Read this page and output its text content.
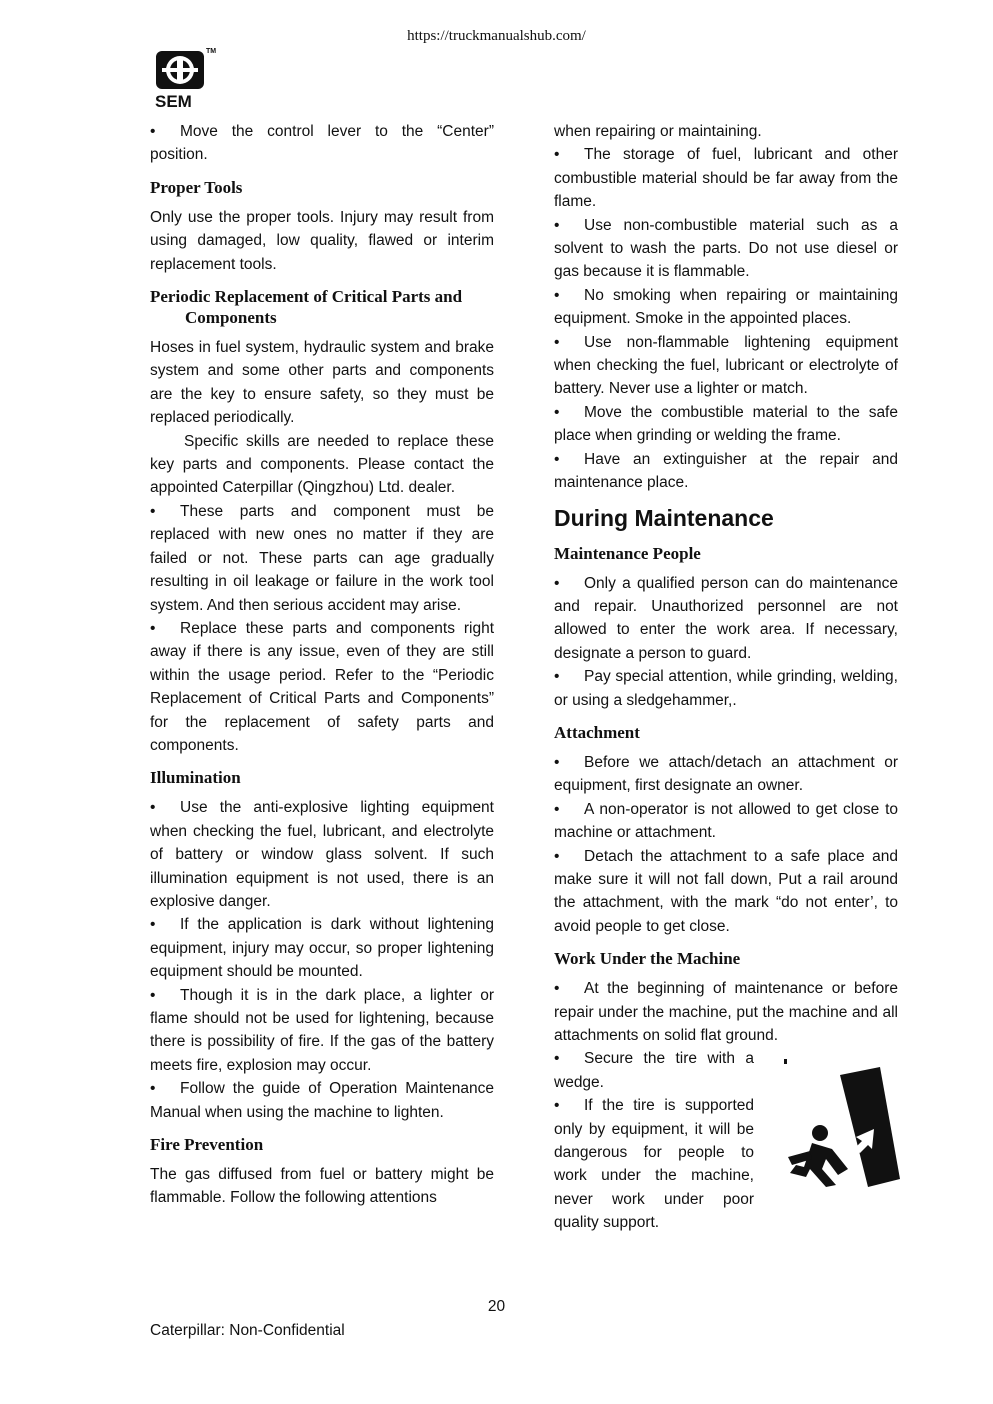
https://truckmanualshub.com/
TM
SEM

• Move the control lever to the “Center” position.

Proper Tools

Only use the proper tools. Injury may result from using damaged, low quality, flawed or interim replacement tools.

Periodic Replacement of Critical Parts and Components

Hoses in fuel system, hydraulic system and brake system and some other parts and components are the key to ensure safety, so they must be replaced periodically.

Specific skills are needed to replace these key parts and components. Please contact the appointed Caterpillar (Qingzhou) Ltd. dealer.

• These parts and component must be replaced with new ones no matter if they are failed or not. These parts can age gradually resulting in oil leakage or failure in the work tool system. And then serious accident may arise.

• Replace these parts and components right away if there is any issue, even of they are still within the usage period. Refer to the “Periodic Replacement of Critical Parts and Components” for the replacement of safety parts and components.

Illumination

• Use the anti-explosive lighting equipment when checking the fuel, lubricant, and electrolyte of battery or window glass solvent. If such illumination equipment is not used, there is an explosive danger.

• If the application is dark without lightening equipment, injury may occur, so proper lightening equipment should be mounted.

• Though it is in the dark place, a lighter or flame should not be used for lightening, because there is possibility of fire. If the gas of the battery meets fire, explosion may occur.

• Follow the guide of Operation Maintenance Manual when using the machine to lighten.

Fire Prevention

The gas diffused from fuel or battery might be flammable. Follow the following attentions

when repairing or maintaining.

• The storage of fuel, lubricant and other combustible material should be far away from the flame.

• Use non-combustible material such as a solvent to wash the parts. Do not use diesel or gas because it is flammable.

• No smoking when repairing or maintaining equipment. Smoke in the appointed places.

• Use non-flammable lightening equipment when checking the fuel, lubricant or electrolyte of battery. Never use a lighter or match.

• Move the combustible material to the safe place when grinding or welding the frame.

• Have an extinguisher at the repair and maintenance place.

During Maintenance
Maintenance People

• Only a qualified person can do maintenance and repair. Unauthorized personnel are not allowed to enter the work area. If necessary, designate a person to guard.

• Pay special attention, while grinding, welding, or using a sledgehammer,.

Attachment

• Before we attach/detach an attachment or equipment, first designate an owner.

• A non-operator is not allowed to get close to machine or attachment.

• Detach the attachment to a safe place and make sure it will not fall down, Put a rail around the attachment, with the mark “do not enter’, to avoid people to get close.

Work Under the Machine

• At the beginning of maintenance or before repair under the machine, put the machine and all attachments on solid flat ground.

• Secure the tire with a wedge.

• If the tire is supported only by equipment, it will be dangerous for people to work under the machine, never work under poor quality support.

20
Caterpillar: Non-Confidential
